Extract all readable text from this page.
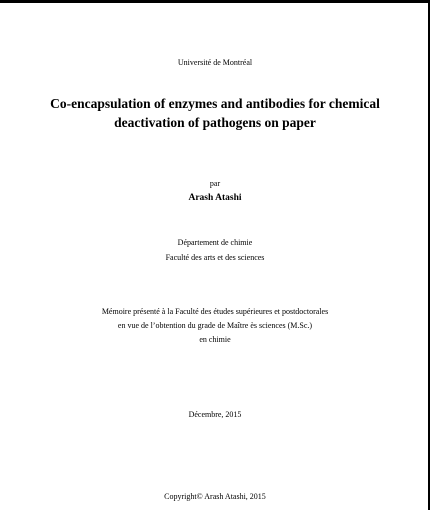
Université de Montréal
Co-encapsulation of enzymes and antibodies for chemical
deactivation of pathogens on paper
par
Arash Atashi
Département de chimie
Faculté des arts et des sciences
Mémoire présenté à la Faculté des études supérieures et postdoctorales
en vue de l’obtention du grade de Maître ès sciences (M.Sc.)
en chimie
Décembre, 2015
Copyright© Arash Atashi, 2015
